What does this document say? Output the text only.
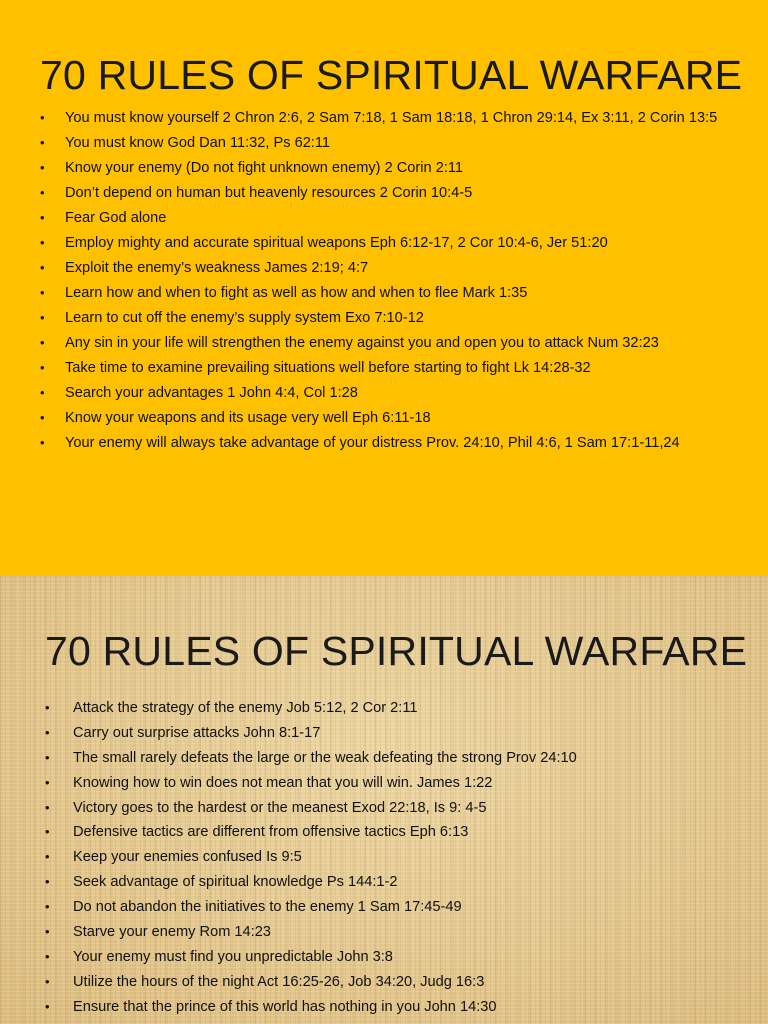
70 RULES OF SPIRITUAL WARFARE
• You must know yourself 2 Chron 2:6, 2 Sam 7:18, 1 Sam 18:18, 1 Chron 29:14, Ex 3:11, 2 Corin 13:5
• You must know God Dan 11:32, Ps 62:11
• Know your enemy (Do not fight unknown enemy) 2 Corin 2:11
• Don’t depend on human but heavenly resources 2 Corin 10:4-5
• Fear God alone
• Employ mighty and accurate spiritual weapons Eph 6:12-17, 2 Cor 10:4-6, Jer 51:20
• Exploit the enemy’s weakness James 2:19; 4:7
• Learn how and when to fight as well as how and when to flee Mark 1:35
• Learn to cut off the enemy’s supply system Exo 7:10-12
• Any sin in your life will strengthen the enemy against you and open you to attack Num 32:23
• Take time to examine prevailing situations well before starting to fight Lk 14:28-32
• Search your advantages 1 John 4:4, Col 1:28
• Know your weapons and its usage very well Eph 6:11-18
• Your enemy will always take advantage of your distress Prov. 24:10, Phil 4:6, 1 Sam 17:1-11,24
70 RULES OF SPIRITUAL WARFARE
• Attack the strategy of the enemy Job 5:12, 2 Cor 2:11
• Carry out surprise attacks John 8:1-17
• The small rarely defeats the large or the weak defeating the strong Prov 24:10
• Knowing how to win does not mean that you will win. James 1:22
• Victory goes to the hardest or the meanest Exod 22:18, Is 9: 4-5
• Defensive tactics are different from offensive tactics Eph 6:13
• Keep your enemies confused Is 9:5
• Seek advantage of spiritual knowledge Ps 144:1-2
• Do not abandon the initiatives to the enemy 1 Sam 17:45-49
• Starve your enemy Rom 14:23
• Your enemy must find you unpredictable John 3:8
• Utilize the hours of the night Act 16:25-26, Job 34:20, Judg 16:3
• Ensure that the prince of this world has nothing in you John 14:30
